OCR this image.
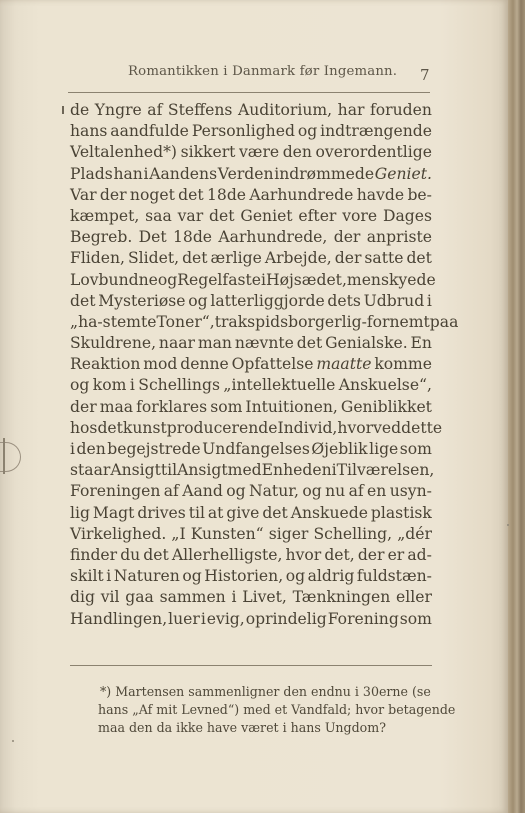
Romantikken i Danmark før Ingemann. 7
de Yngre af Steffens Auditorium, har foruden
hans aandfulde Personlighed og indtrængende
Veltalenhed*) sikkert være den overordentlige
Plads han i Aandens Verden indrømmede Geniet.
Var der noget det 18de Aarhundrede havde be-
kæmpet, saa var det Geniet efter vore Dages
Begreb. Det 18de Aarhundrede, der anpriste
Fliden, Slidet, det ærlige Arbejde, der satte det
Lovbundne og Regelfaste i Højsædet, men skyede
det Mysteriøse og latterliggjorde dets Udbrud i
„ha-stemte Toner“, trak spidsborgerlig-fornemt paa
Skuldrene, naar man nævnte det Genialske. En
Reaktion mod denne Opfattelse maatte komme
og kom i Schellings „intellektuelle Anskuelse“,
der maa forklares som Intuitionen, Geniblikket
hos det kunstproducerende Individ, hvorved dette
i den begejstrede Undfangelses Øjeblik lige som
staar Ansigt til Ansigt med Enheden i Tilværelsen,
Foreningen af Aand og Natur, og nu af en usyn-
lig Magt drives til at give det Anskuede plastisk
Virkelighed. „I Kunsten“ siger Schelling, „dér
finder du det Allerhelligste, hvor det, der er ad-
skilt i Naturen og Historien, og aldrig fuldstæn-
dig vil gaa sammen i Livet, Tænkningen eller
Handlingen, luer i evig, oprindelig Forening som
*) Martensen sammenligner den endnu i 30erne (se
hans „Af mit Levned“) med et Vandfald; hvor betagende
maa den da ikke have været i hans Ungdom?
